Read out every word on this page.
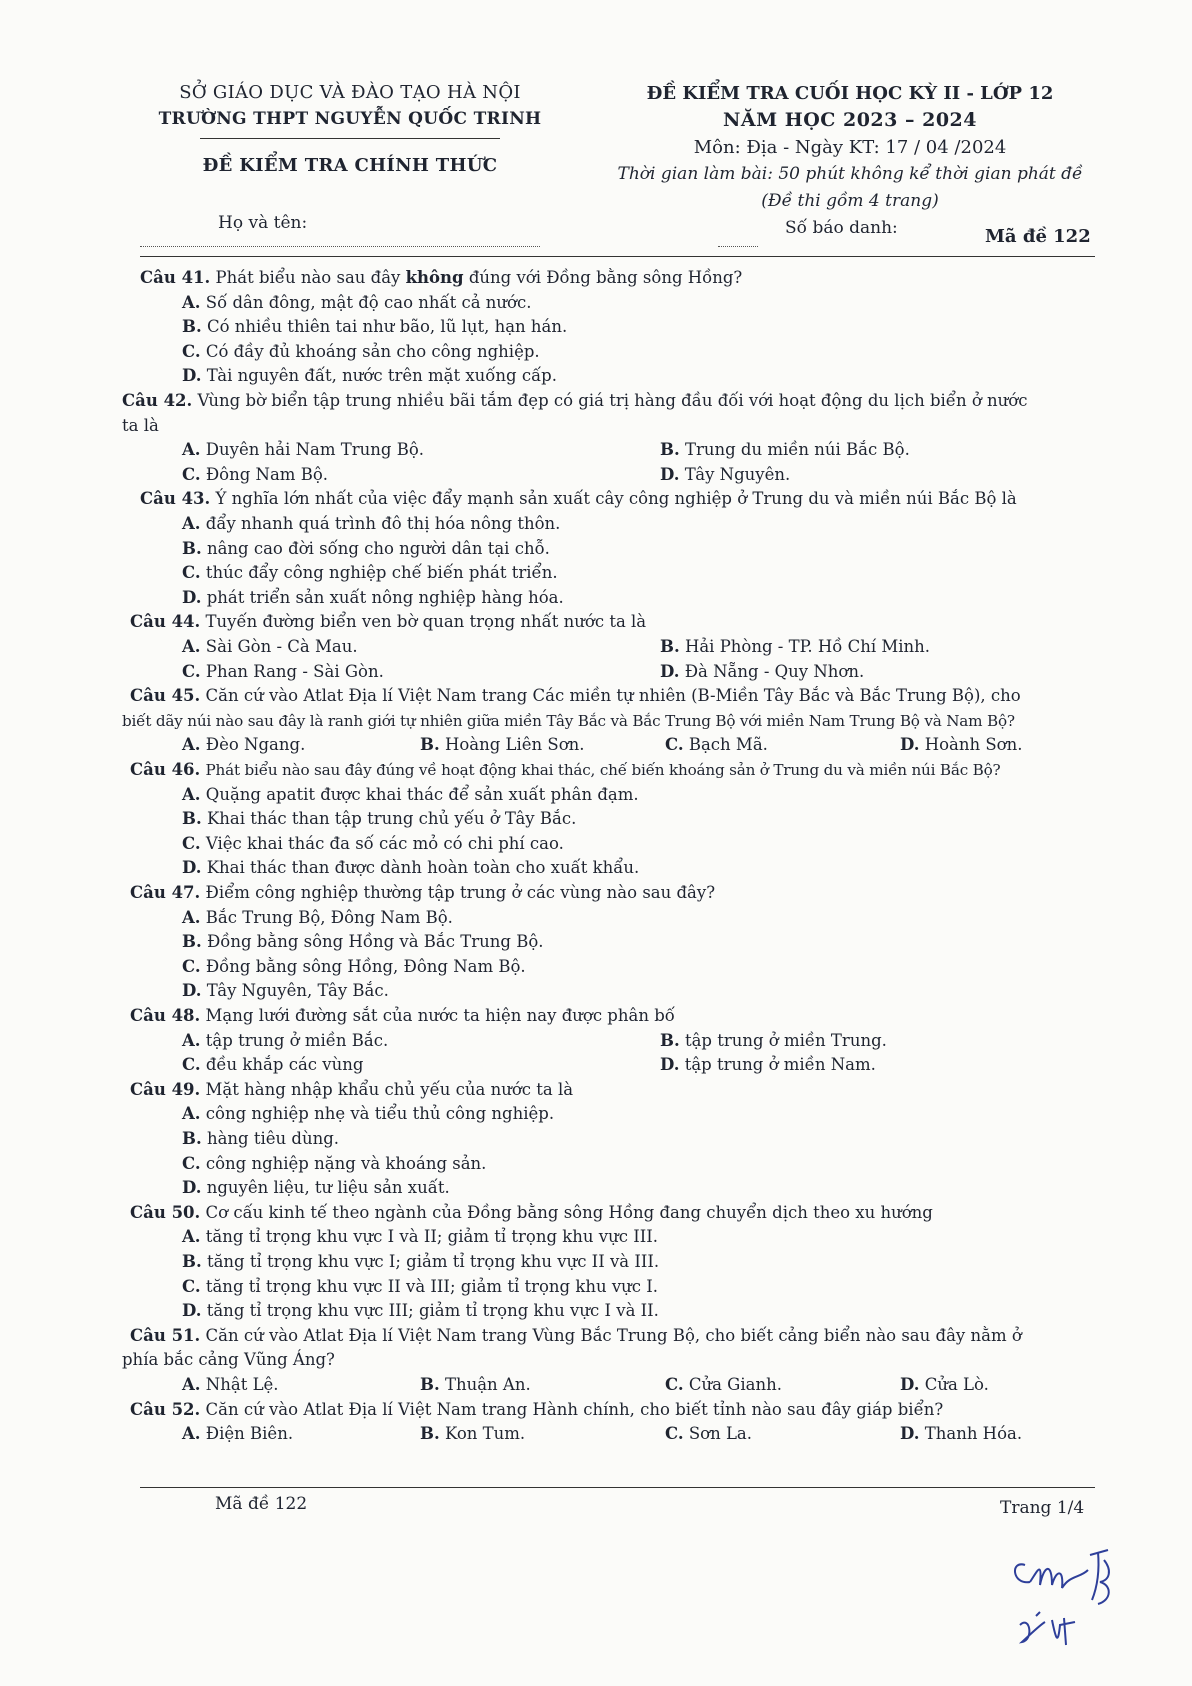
SỞ GIÁO DỤC VÀ ĐÀO TẠO HÀ NỘI
TRƯỜNG THPT NGUYỄN QUỐC TRINH
ĐỀ KIỂM TRA CHÍNH THỨC
ĐỀ KIỂM TRA CUỐI HỌC KỲ II - LỚP 12
NĂM HỌC 2023 – 2024
Môn: Địa - Ngày KT: 17 / 04 /2024
Thời gian làm bài: 50 phút không kể thời gian phát đề
(Đề thi gồm 4 trang)
Họ và tên:	Số báo danh:	Mã đề 122
Câu 41. Phát biểu nào sau đây không đúng với Đồng bằng sông Hồng?
A. Số dân đông, mật độ cao nhất cả nước.
B. Có nhiều thiên tai như bão, lũ lụt, hạn hán.
C. Có đầy đủ khoáng sản cho công nghiệp.
D. Tài nguyên đất, nước trên mặt xuống cấp.
Câu 42. Vùng bờ biển tập trung nhiều bãi tắm đẹp có giá trị hàng đầu đối với hoạt động du lịch biển ở nước
ta là
A. Duyên hải Nam Trung Bộ.	B. Trung du miền núi Bắc Bộ.
C. Đông Nam Bộ.	D. Tây Nguyên.
Câu 43. Ý nghĩa lớn nhất của việc đẩy mạnh sản xuất cây công nghiệp ở Trung du và miền núi Bắc Bộ là
A. đẩy nhanh quá trình đô thị hóa nông thôn.
B. nâng cao đời sống cho người dân tại chỗ.
C. thúc đẩy công nghiệp chế biến phát triển.
D. phát triển sản xuất nông nghiệp hàng hóa.
Câu 44. Tuyến đường biển ven bờ quan trọng nhất nước ta là
A. Sài Gòn - Cà Mau.	B. Hải Phòng - TP. Hồ Chí Minh.
C. Phan Rang - Sài Gòn.	D. Đà Nẵng - Quy Nhơn.
Câu 45. Căn cứ vào Atlat Địa lí Việt Nam trang Các miền tự nhiên (B-Miền Tây Bắc và Bắc Trung Bộ), cho
biết dãy núi nào sau đây là ranh giới tự nhiên giữa miền Tây Bắc và Bắc Trung Bộ với miền Nam Trung Bộ và Nam Bộ?
A. Đèo Ngang.	B. Hoàng Liên Sơn.	C. Bạch Mã.	D. Hoành Sơn.
Câu 46. Phát biểu nào sau đây đúng về hoạt động khai thác, chế biến khoáng sản ở Trung du và miền núi Bắc Bộ?
A. Quặng apatit được khai thác để sản xuất phân đạm.
B. Khai thác than tập trung chủ yếu ở Tây Bắc.
C. Việc khai thác đa số các mỏ có chi phí cao.
D. Khai thác than được dành hoàn toàn cho xuất khẩu.
Câu 47. Điểm công nghiệp thường tập trung ở các vùng nào sau đây?
A. Bắc Trung Bộ, Đông Nam Bộ.
B. Đồng bằng sông Hồng và Bắc Trung Bộ.
C. Đồng bằng sông Hồng, Đông Nam Bộ.
D. Tây Nguyên, Tây Bắc.
Câu 48. Mạng lưới đường sắt của nước ta hiện nay được phân bố
A. tập trung ở miền Bắc.	B. tập trung ở miền Trung.
C. đều khắp các vùng	D. tập trung ở miền Nam.
Câu 49. Mặt hàng nhập khẩu chủ yếu của nước ta là
A. công nghiệp nhẹ và tiểu thủ công nghiệp.
B. hàng tiêu dùng.
C. công nghiệp nặng và khoáng sản.
D. nguyên liệu, tư liệu sản xuất.
Câu 50. Cơ cấu kinh tế theo ngành của Đồng bằng sông Hồng đang chuyển dịch theo xu hướng
A. tăng tỉ trọng khu vực I và II; giảm tỉ trọng khu vực III.
B. tăng tỉ trọng khu vực I; giảm tỉ trọng khu vực II và III.
C. tăng tỉ trọng khu vực II và III; giảm tỉ trọng khu vực I.
D. tăng tỉ trọng khu vực III; giảm tỉ trọng khu vực I và II.
Câu 51. Căn cứ vào Atlat Địa lí Việt Nam trang Vùng Bắc Trung Bộ, cho biết cảng biển nào sau đây nằm ở
phía bắc cảng Vũng Áng?
A. Nhật Lệ.	B. Thuận An.	C. Cửa Gianh.	D. Cửa Lò.
Câu 52. Căn cứ vào Atlat Địa lí Việt Nam trang Hành chính, cho biết tỉnh nào sau đây giáp biển?
A. Điện Biên.	B. Kon Tum.	C. Sơn La.	D. Thanh Hóa.
Mã đề 122	Trang 1/4
